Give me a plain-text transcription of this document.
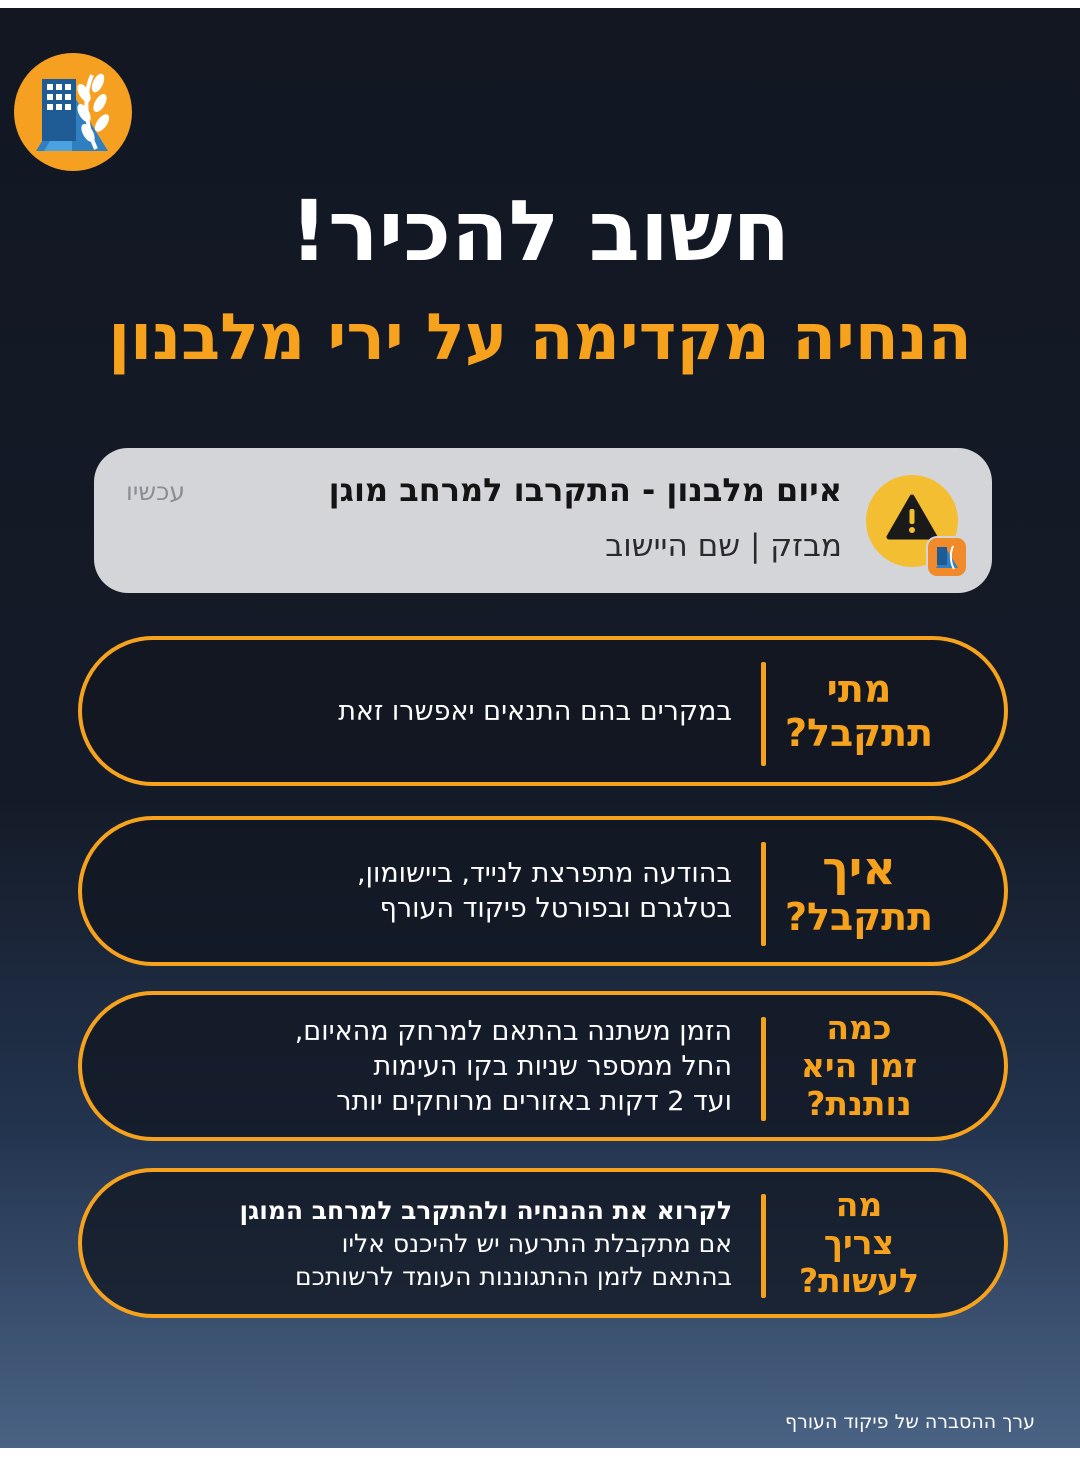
חשוב להכיר!
הנחיה מקדימה על ירי מלבנון
איום מלבנון - התקרבו למרחב מוגן
מבזק | שם היישוב
עכשיו
מתי
תתקבל?
במקרים בהם התנאים יאפשרו זאת
איך
תתקבל?
בהודעה מתפרצת לנייד, ביישומון,
בטלגרם ובפורטל פיקוד העורף
כמה
זמן היא
נותנת?
הזמן משתנה בהתאם למרחק מהאיום,
החל ממספר שניות בקו העימות
ועד 2 דקות באזורים מרוחקים יותר
מה
צריך
לעשות?
לקרוא את ההנחיה ולהתקרב למרחב המוגן
אם מתקבלת התרעה יש להיכנס אליו
בהתאם לזמן ההתגוננות העומד לרשותכם
ערך ההסברה של פיקוד העורף
